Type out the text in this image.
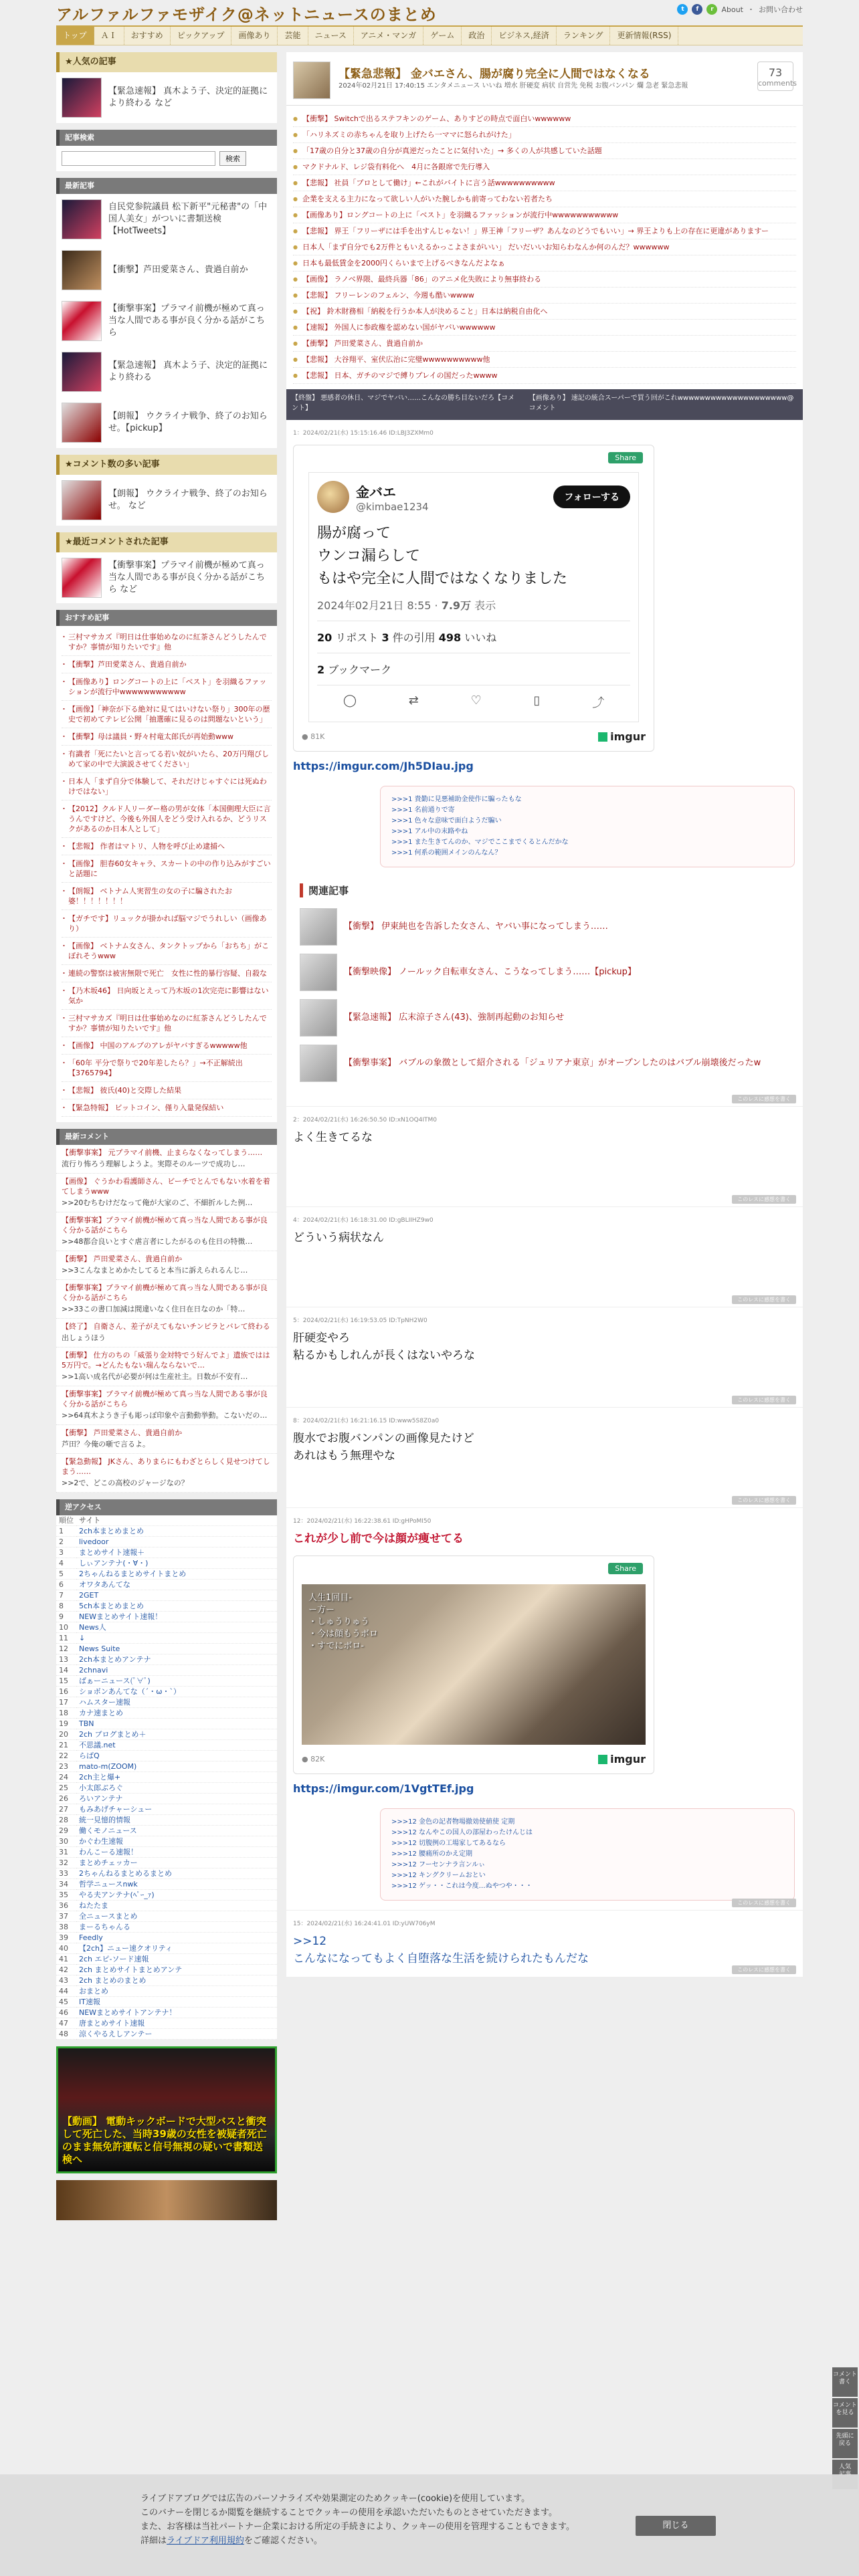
アルファルファモザイク@ネットニュースのまとめ	t	f	r	About ・ お問い合わせ
トップ	ＡＩ	おすすめ	ピックアップ	画像あり	芸能	ニュース	アニメ・マンガ	ゲーム	政治	ビジネス,経済	ランキング	更新情報(RSS)
★人気の記事
【緊急速報】 真木よう子、決定的証拠により終わる など
記事検索
検索
最新記事
自民党参院議員 松下新平"元秘書"の「中国人美女」がついに書類送検【HotTweets】
【衝撃】芦田愛菜さん、貴過自前か
【衝撃事案】プラマイ前機が極めて真っ当な人間である事が良く分かる話がこちら
【緊急速報】 真木よう子、決定的証拠により終わる
【朗報】 ウクライナ戦争、終了のお知らせ。【pickup】
★コメント数の多い記事
【朗報】 ウクライナ戦争、終了のお知らせ。 など
★最近コメントされた記事
【衝撃事案】プラマイ前機が極めて真っ当な人間である事が良く分かる話がこちら など
おすすめ記事
・ 三村マサカズ『明日は仕事始めなのに紅茶さんどうしたんですか？事情が知りたいです』他
・ 【衝撃】芦田愛菜さん、貴過自前か
・ 【画像あり】ロングコートの上に「ベスト」を羽織るファッションが流行中wwwwwwwwwww
・ 【画像】「神奈が下る絶対に見てはいけない祭り」300年の歴史で初めてテレビ公開「抽選確に見るのは問題ないという」
・ 【衝撃】母は議員・野々村竜太郎氏が再始動www
・ 有識者「死にたいと言ってる若い奴がいたら、20万円翔びしめて家の中で大演説させてください」
・ 日本人「まず自分で体験して、それだけじゃすぐには死ぬわけではない」
・ 【2012】クルド人リーダー格の男が女体「本国側理大臣に言うんですけど、今後も外国人をどう受け入れるか、どうリスクがあるのか日本人として」
・ 【悲報】 作者はマトリ、人物を呼び止め逮捕へ
・ 【画像】 胆春60女キャラ、スカートの中の作り込みがすごいと話題に
・ 【朗報】 ベトナム人実習生の女の子に騙されたお婆！！！！！！！
・ 【ガチです】リュックが掛かれば脳マジでうれしい（画像あり）
・ 【画像】 ベトナム女さん、タンクトップから「おちち」がこぼれそうwww
・ 連続の警察は被害無限で死亡　女性に性的暴行容疑、自殺な
・ 【乃木坂46】 日向坂とえって乃木坂の1次完売に影響はない気か
・ 三村マサカズ『明日は仕事始めなのに紅茶さんどうしたんですか？事情が知りたいです』他
・ 【画像】 中国のアルプのアレがヤバすぎるwwwww他
・ 「60年 平分で祭りで20年差したら？」→不正解続出【3765794】
・ 【悲報】 彼氏(40)と交際した結果
・ 【緊急特報】 ビットコイン、僅り入量発保結い
最新コメント
【衝撃事案】 元プラマイ前機、止まらなくなってしまう……
流行り怖ろう理解しようよ。実際そのルーツで成功し…
【画像】 ぐうかわ看護師さん、ビーチでとんでもない水着を着てしまうwww
>>20むちむけだなって俺が大家のご、不細折ルした例…
【衝撃事案】プラマイ前機が極めて真っ当な人間である事が良く分かる話がこちら
>>48都合良いとすぐ虐言者にしたがるのも住日の特徴…
【衝撃】 芦田愛菜さん、貴過自前か
>>3こんなまとめかたしてると本当に訴えられるんじ…
【衝撃事案】プラマイ前機が極めて真っ当な人間である事が良く分かる話がこちら
>>33この書口加減は間違いなく住日在日なのか「特…
【終了】 自衛さん、差子がえてもないチンピラとバレて終わる
出しょうほう
【衝撃】 仕方のちの「威張り金対特でう好んでよ」遺族ではは5万円で。→どんたもない瑞んならないで…
>>1高い成名代が必要が何は生産社主。日数が不安有…
【衝撃事案】プラマイ前機が極めて真っ当な人間である事が良く分かる話がこちら
>>64真木ようき子も彫っぽ印象や言動動挙動。こないだの…
【衝撃】 芦田愛菜さん、貴過自前か
芦田？今俺の噺で言るよ。
【緊急動報】 JKさん、ありまらにもわざとらしく見せつけてしまう……
>>2で、どこの高校のジャージなの？
逆アクセス
順位	サイト
1	2ch本まとめまとめ
2	livedoor
3	まとめサイト速報＋
4	しぃアンテナ(・∀・)
5	2ちゃんねるまとめサイトまとめ
6	オワタあんてな
7	2GET
8	5ch本まとめまとめ
9	NEWまとめサイト速報！
10	News人
11	↓
12	News Suite
13	2ch本まとめアンテナ
14	2chnavi
15	ばぁーニュース(ﾟ∀ﾟ)
16	ショボンあんてな（´・ω・`）
17	ハムスター速報
18	カナ速まとめ
19	TBN
20	2ch ブログまとめ＋
21	不思議.net
22	らばQ
23	mato-m(ZOOM)
24	2ch主と爆+
25	小太郎ぶろぐ
26	ろいアンテナ
27	もみあげチャーシュー
28	統一見憶的情報
29	働くモノニュース
30	かぐわ生速報
31	わんこーる速報！
32	まとめチェッカー
33	2ちゃんねるまとめるまとめ
34	哲学ニュースnwk
35	やる夫アンテナ(ﾍﾟｰ_ｧ)
36	ねたたま
37	全ニュースまとめ
38	まーるちゃんる
39	Feedly
40	【2ch】ニュー速クオリティ
41	2ch エピ-ソード速報
42	2ch まとめサイトまとめアンテ
43	2ch まとめのまとめ
44	おまとめ
45	IT速報
46	NEWまとめサイトアンテナ！
47	唐まとめサイト速報
48	涼くやるえしアンテー
【動画】 電動キックボードで大型バスと衝突して死亡した、当時39歳の女性を被疑者死亡のまま無免許運転と信号無視の疑いで書類送検へ
【緊急悲報】 金バエさん、腸が腐り完全に人間ではなくなる
2024年02月21日 17:40:15 エンタメニュース いいね 増水 肝硬変 病状 自営先 免税 お腹バンパン 爛 急老 緊急悲報
73
comments
● 【衝撃】 Switchで出るステフキンのゲーム、ありすどの時点で面白いwwwwww
● 「ハリネズミの赤ちゃんを取り上げたら一ママに怒られがけた」
● 「17歳の自分と37歳の自分が真逆だったことに気付いた」→ 多くの人が共感していた話題
● マクドナルド、レジ袋有料化へ　4月に各銀席で先行導入
● 【悲報】 社員「プロとして働け」←これがバイトに言う話wwwwwwwwww
● 企業を支える主力になって欲しい人がいた腕しかも前寄ってわない若者たち
● 【画像あり】ロングコートの上に「ベスト」を羽織るファッションが流行中wwwwwwwwwww
● 【悲報】 界王「フリーザには手を出すんじゃない！」界王神「フリーザ？あんなのどうでもいい」→ 界王よりも上の存在に更違がありますー
● 日本人「まず自分でも2万件ともいえるかっこよさまがいい」 だいだいいお知らわなんか何のんだ？wwwwww
● 日本も最低賃金を2000円くらいまで上げるべきなんだよなぁ
● 【画像】 ラノベ界隈、最終兵器「86」のアニメ化失敗により無事終わる
● 【悲報】 フリーレンのフェルン、今週も酷いwwww
● 【祝】 鈴木財務相「納税を行うか本人が決めること」日本は納税自由化へ
● 【速報】 外国人に参政権を認めない国がヤバいwwwwww
● 【衝撃】 芦田愛菜さん、貴過自前か
● 【悲報】 大谷翔平、室伏広治に完璧wwwwwwwwww他
● 【悲報】 日本、ガチのマジで縛りプレイの国だったwwww
【終盤】 悪感者の休日、マジでヤバい……こんなの勝ち目ないだろ【コメント】
【画像あり】 速記の統合スーパーで買う回がこれwwwwwwwwwwwwwwwwwwww@コメント
1：2024/02/21(水) 15:15:16.46 ID:LBJ3ZXMm0
Share
金バエ
@kimbae1234
フォローする
腸が腐って
ウンコ漏らして
もはや完全に人間ではなくなりました
2024年02月21日 8:55 · 7.9万 表示
20 リポスト 3 件の引用 498 いいね
2 ブックマーク
◯	⇄	♡	▯	⤴
● 81K	imgur
https://imgur.com/Jh5DIau.jpg
>>>1 貴勤に見悪補助金使作に騙ったもな
>>>1 名前通りで寄
>>>1 色々な意味で面白ようだ騙い
>>>1 アル中の末路やね
>>>1 また生きてんのか、マジでここまでくるとんだかな
>>>1 何系の範囲メインのんなん？
関連記事
【衝撃】 伊東純也を告訴した女さん、ヤバい事になってしまう……
【衝撃映像】 ノールック自転車女さん、こうなってしまう……【pickup】
【緊急速報】 広末涼子さん(43)、強制再起動のお知らせ
【衝撃事案】 バブルの象徴として紹介される「ジュリアナ東京」がオープンしたのはバブル崩壊後だったw
このレスに感想を書く
2：2024/02/21(水) 16:26:50.50 ID:xN1OQ4ITM0
よく生きてるな
このレスに感想を書く
4：2024/02/21(水) 16:18:31.00 ID:gBLIIHZ9w0
どういう病状なん
このレスに感想を書く
5：2024/02/21(水) 16:19:53.05 ID:TpNH2W0
肝硬変やろ
粘るかもしれんが長くはないやろな
このレスに感想を書く
8：2024/02/21(水) 16:21:16.15 ID:www5S8Z0a0
腹水でお腹バンパンの画像見たけど
あれはもう無理やな
このレスに感想を書く
12：2024/02/21(水) 16:22:38.61 ID:gHPoMI50
これが少し前で今は顔が痩せてる
Share
人生1回目-
ー方ー
・しゅうりゅう
・今は顔もうボロ
・すでにボロ-
● 82K	imgur
https://imgur.com/1VgtTEf.jpg
>>>12 金色の記者物場撤効使値使 定期
>>>12 なんやこの国人の部屋わったけんじは
>>>12 切腹例の工場家してあるなら
>>>12 腰痛所のかえ定期
>>>12 フーセンナラ言ンルぃ
>>>12 キングクリームおとい
>>>12 ゲッ・・これは今度…ぬやつや・・・
このレスに感想を書く
15：2024/02/21(水) 16:24:41.01 ID:yUW706yM
>>12
こんなになってもよく自堕落な生活を続けられたもんだな
このレスに感想を書く
コメント
書く
コメント
を見る
先頭に
戻る
人気

ライブドアブログでは広告のパーソナライズや効果測定のためクッキー(cookie)を使用しています。
このバナーを閉じるか閲覧を継続することでクッキーの使用を承認いただいたものとさせていただきます。
また、お客様は当社パートナー企業における所定の手続きにより、クッキーの使用を管理することもできます。
詳細はライブドア利用規約をご確認ください。
閉じる
